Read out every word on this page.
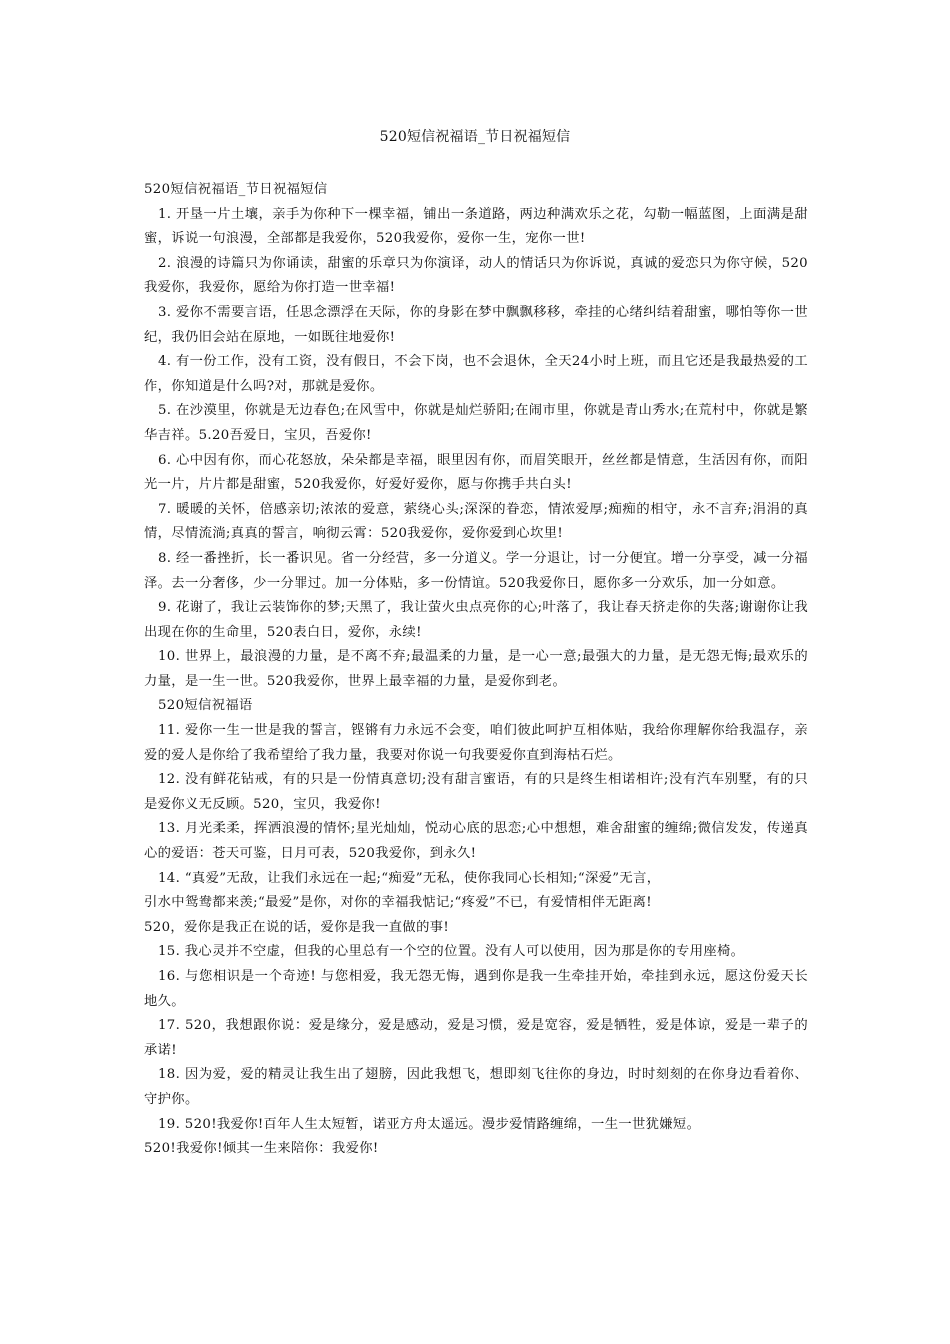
520短信祝福语_节日祝福短信

520短信祝福语_节日祝福短信

1. 开垦一片土壤，亲手为你种下一棵幸福，铺出一条道路，两边种满欢乐之花，勾勒一幅蓝图，上面满是甜蜜，诉说一句浪漫，全部都是我爱你，520我爱你，爱你一生，宠你一世!

2. 浪漫的诗篇只为你诵读，甜蜜的乐章只为你演译，动人的情话只为你诉说，真诚的爱恋只为你守候，520我爱你，我爱你，愿给为你打造一世幸福!

3. 爱你不需要言语，任思念漂浮在天际，你的身影在梦中飘飘移移，牵挂的心绪纠结着甜蜜，哪怕等你一世纪，我仍旧会站在原地，一如既往地爱你!

4. 有一份工作，没有工资，没有假日，不会下岗，也不会退休，全天24小时上班，而且它还是我最热爱的工作，你知道是什么吗?对，那就是爱你。

5. 在沙漠里，你就是无边春色;在风雪中，你就是灿烂骄阳;在闹市里，你就是青山秀水;在荒村中，你就是繁华吉祥。5.20吾爱日，宝贝，吾爱你!

6. 心中因有你，而心花怒放，朵朵都是幸福，眼里因有你，而眉笑眼开，丝丝都是情意，生活因有你，而阳光一片，片片都是甜蜜，520我爱你，好爱好爱你，愿与你携手共白头!

7. 暖暖的关怀，倍感亲切;浓浓的爱意，萦绕心头;深深的眷恋，情浓爱厚;痴痴的相守，永不言弃;涓涓的真情，尽情流淌;真真的誓言，响彻云霄：520我爱你，爱你爱到心坎里!

8. 经一番挫折，长一番识见。省一分经营，多一分道义。学一分退让，讨一分便宜。增一分享受，减一分福泽。去一分奢侈，少一分罪过。加一分体贴，多一份情谊。520我爱你日，愿你多一分欢乐，加一分如意。

9. 花谢了，我让云装饰你的梦;天黑了，我让萤火虫点亮你的心;叶落了，我让春天挤走你的失落;谢谢你让我出现在你的生命里，520表白日，爱你，永续!

10. 世界上，最浪漫的力量，是不离不弃;最温柔的力量，是一心一意;最强大的力量，是无怨无悔;最欢乐的力量，是一生一世。520我爱你，世界上最幸福的力量，是爱你到老。

520短信祝福语

11. 爱你一生一世是我的誓言，铿锵有力永远不会变，咱们彼此呵护互相体贴，我给你理解你给我温存，亲爱的爱人是你给了我希望给了我力量，我要对你说一句我要爱你直到海枯石烂。

12. 没有鲜花钻戒，有的只是一份情真意切;没有甜言蜜语，有的只是终生相诺相许;没有汽车别墅，有的只是爱你义无反顾。520，宝贝，我爱你!

13. 月光柔柔，挥洒浪漫的情怀;星光灿灿，悦动心底的思恋;心中想想，难舍甜蜜的缠绵;微信发发，传递真心的爱语：苍天可鉴，日月可表，520我爱你，到永久!

14. “真爱”无敌，让我们永远在一起;“痴爱”无私，使你我同心长相知;“深爱”无言，

引水中鸳鸯都来羡;“最爱”是你，对你的幸福我惦记;“疼爱”不已，有爱情相伴无距离!

520，爱你是我正在说的话，爱你是我一直做的事!

15. 我心灵并不空虚，但我的心里总有一个空的位置。没有人可以使用，因为那是你的专用座椅。

16. 与您相识是一个奇迹! 与您相爱，我无怨无悔，遇到你是我一生牵挂开始，牵挂到永远，愿这份爱天长地久。

17. 520，我想跟你说：爱是缘分，爱是感动，爱是习惯，爱是宽容，爱是牺牲，爱是体谅，爱是一辈子的承诺!

18. 因为爱，爱的精灵让我生出了翅膀，因此我想飞，想即刻飞往你的身边，时时刻刻的在你身边看着你、守护你。

19. 520!我爱你!百年人生太短暂，诺亚方舟太遥远。漫步爱情路缠绵，一生一世犹嫌短。

520!我爱你!倾其一生来陪你：我爱你!
